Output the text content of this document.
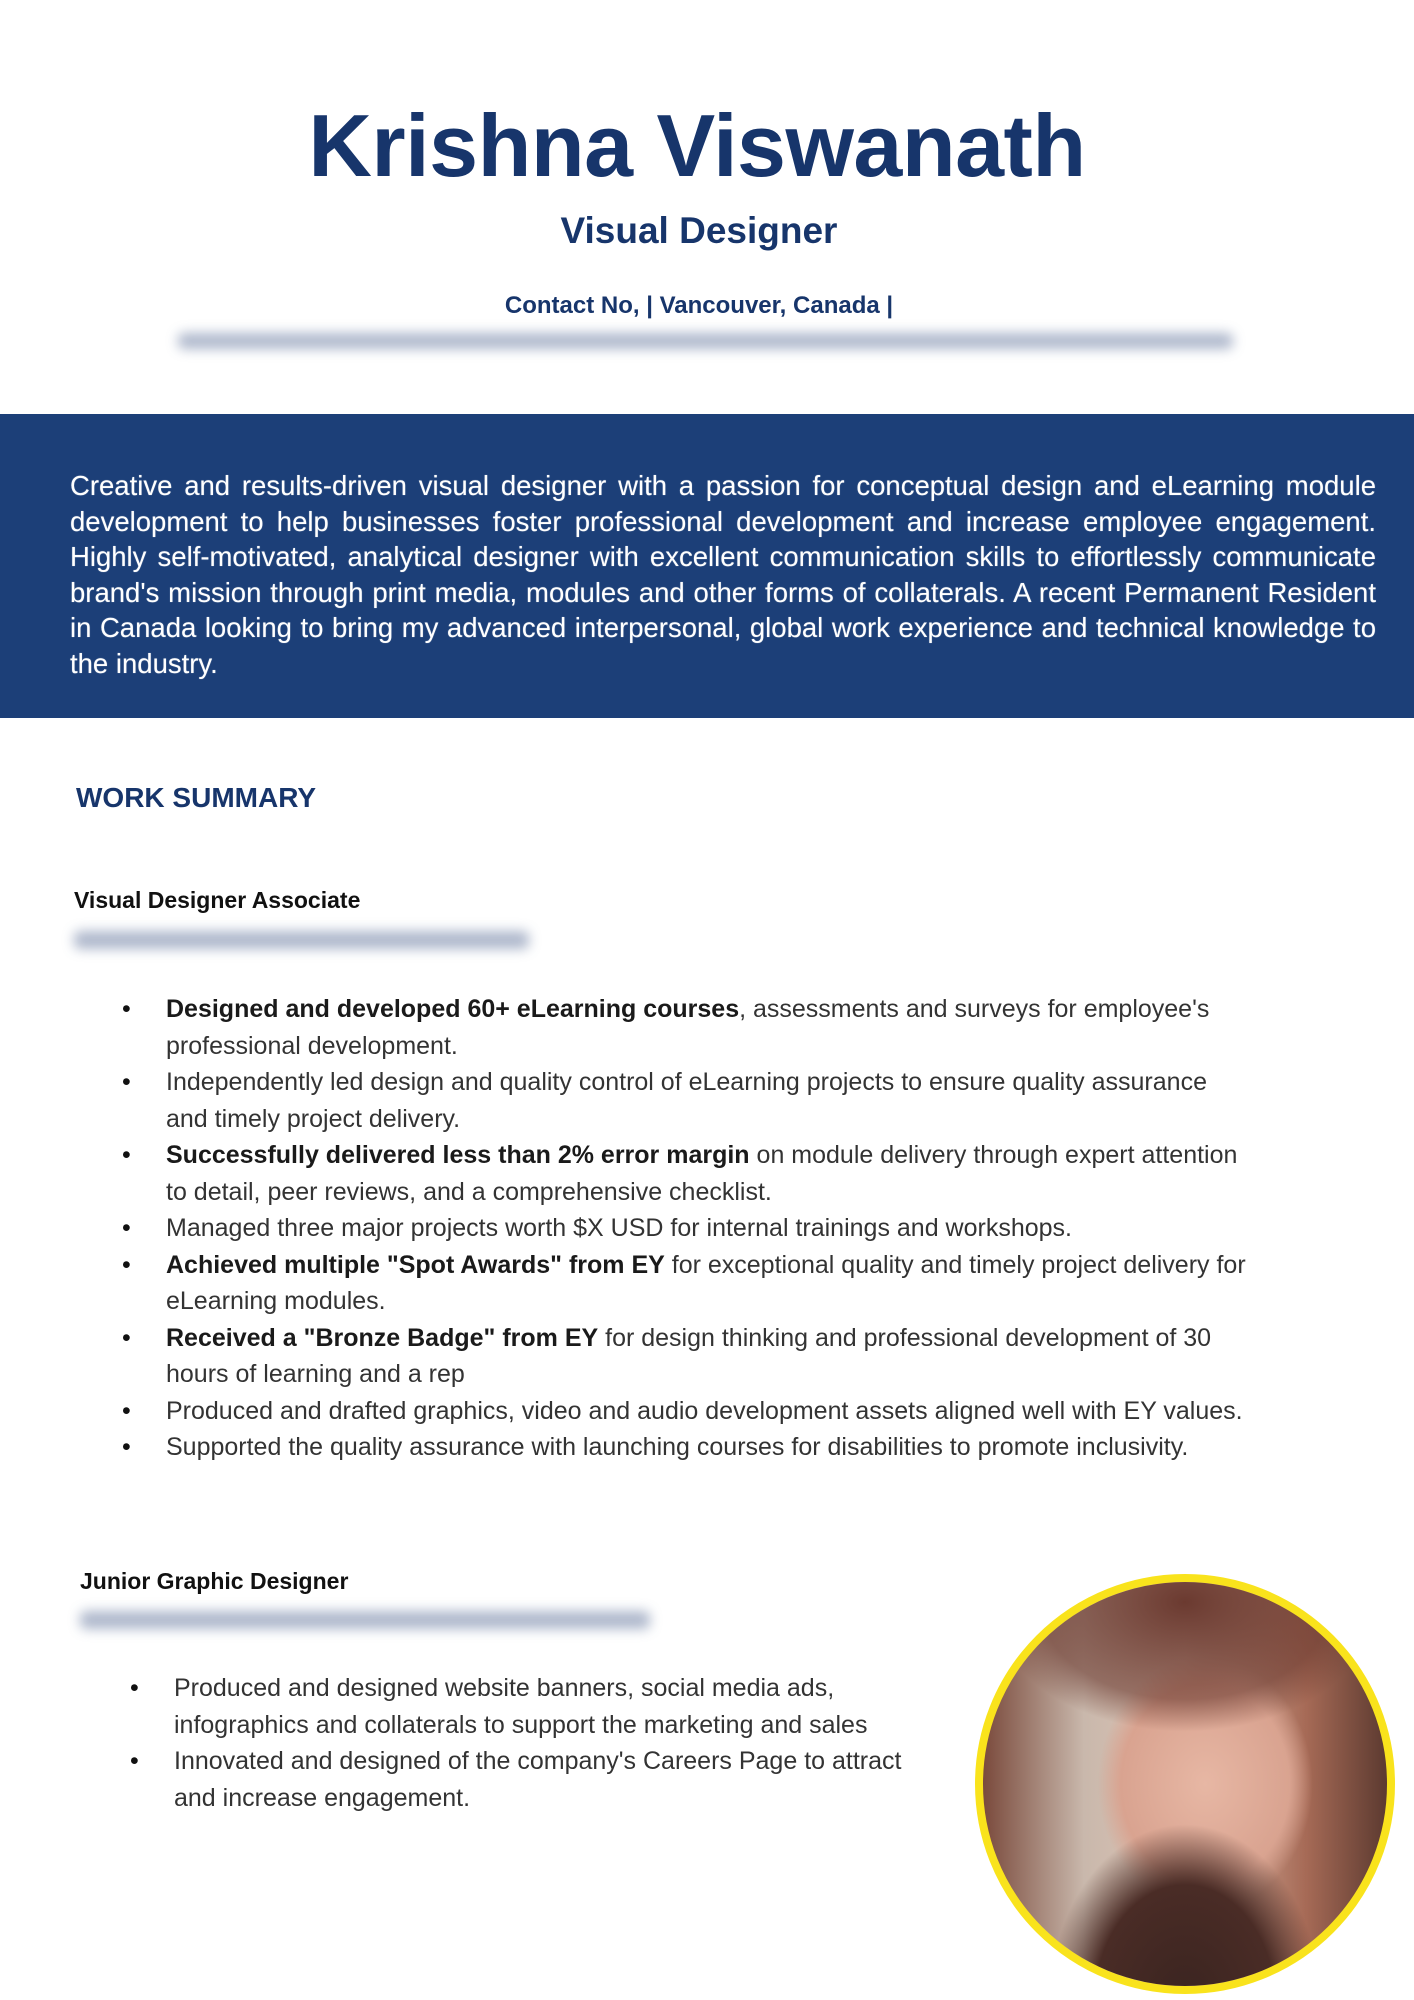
Krishna Viswanath
Visual Designer
Contact No, | Vancouver, Canada |
Creative and results-driven visual designer with a passion for conceptual design and eLearning module development to help businesses foster professional development and increase employee engagement. Highly self-motivated, analytical designer with excellent communication skills to effortlessly communicate brand's mission through print media, modules and other forms of collaterals. A recent Permanent Resident in Canada looking to bring my advanced interpersonal, global work experience and technical knowledge to the industry.
WORK SUMMARY
Visual Designer Associate
• Designed and developed 60+ eLearning courses, assessments and surveys for employee's professional development.
• Independently led design and quality control of eLearning projects to ensure quality assurance and timely project delivery.
• Successfully delivered less than 2% error margin on module delivery through expert attention to detail, peer reviews, and a comprehensive checklist.
• Managed three major projects worth $X USD for internal trainings and workshops.
• Achieved multiple "Spot Awards" from EY for exceptional quality and timely project delivery for eLearning modules.
• Received a "Bronze Badge" from EY for design thinking and professional development of 30 hours of learning and a rep
• Produced and drafted graphics, video and audio development assets aligned well with EY values.
• Supported the quality assurance with launching courses for disabilities to promote inclusivity.
Junior Graphic Designer
• Produced and designed website banners, social media ads, infographics and collaterals to support the marketing and sales
• Innovated and designed of the company's Careers Page to attract and increase engagement.
